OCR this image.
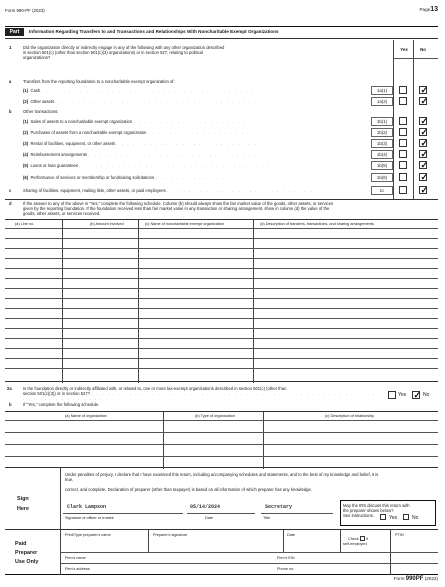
Form 990-PF (2023)	Page13
Part XVI
Information Regarding Transfers to and Transactions and Relationships With Noncharitable Exempt Organizations
1	Did the organization directly or indirectly engage in any of the following with any other organization described
in section 501(c) (other than section 501(c)(3) organizations) or in section 527, relating to political
organizations?
Yes	No
a	Transfers from the reporting foundation to a noncharitable exempt organization of:
b	Other transactions:
c
(1) Cash . . . . . . . . . . . . . . . . . . . . . . . . . . . . . . . . . . . . . . .	1a(1)
✓
(2) Other assets . . . . . . . . . . . . . . . . . . . . . . . . . . . . . . . . . . . . .	1a(2)
✓
(1) Sales of assets to a noncharitable exempt organization . . . . . . . . . . . . . . . . . . . . . .	1b(1)
✓
(2) Purchases of assets from a noncharitable exempt organization . . . . . . . . . . . . . . . . . . . .	1b(2)
✓
(3) Rental of facilities, equipment, or other assets . . . . . . . . . . . . . . . . . . . . . . . . . .	1b(3)
✓
(4) Reimbursement arrangements . . . . . . . . . . . . . . . . . . . . . . . . . . . . . . . . .	1b(4)
✓
(5) Loans or loan guarantees . . . . . . . . . . . . . . . . . . . . . . . . . . . . . . . . . . .	1b(5)
✓
(6) Performance of services or membership or fundraising solicitations . . . . . . . . . . . . .	1b(6)
✓
Sharing of facilities, equipment, mailing lists, other assets, or paid employees . . . . . . . . . . . . . . . . . . . . . . . . . . . . .	1c
✓
d	If the answer to any of the above is "Yes," complete the following schedule. Column (b) should always show the fair market value of the goods, other assets, or services
given by the reporting foundation. If the foundation received less than fair market value in any transaction or sharing arrangement, show in column (d) the value of the
goods, other assets, or services received.
(a) Line no.	(b) Amount involved	(c) Name of noncharitable exempt organization	(d) Description of transfers, transactions, and sharing arrangements
2a	Is the foundation directly or indirectly affiliated with, or related to, one or more tax-exempt organizations described in section 501(c) (other than
section 501(c)(3)) or in section 527? . . . . . . . . . . . . . . . . . . . . . . . . . . . . . . . . . . . . . . . . . . . . . . . . . . . . . . . . . . . . . . . . . . . . .
Yes
✓	No
b	If "Yes," complete the following schedule.
(a) Name of organization	(b) Type of organization	(c) Description of relationship
Sign
Here
Under penalties of perjury, I declare that I have examined this return, including accompanying schedules and statements, and to the best of my knowledge and belief, it is
true,
correct, and complete. Declaration of preparer (other than taxpayer) is based on all information of which preparer has any knowledge.
Clark Lampson	05/14/2024	Secretary
Signature of officer or trustee	Date	Title
May the IRS discuss this return with
the preparer shown below?
See instructions.	Yes	No
Paid
Preparer
Use Only
Print/Type preparer's name	Preparer's signature	Date
Check if
self-employed
PTIN
Firm's name	Firm's EIN
Firm's address	Phone no.
Form 990PF (2023)
